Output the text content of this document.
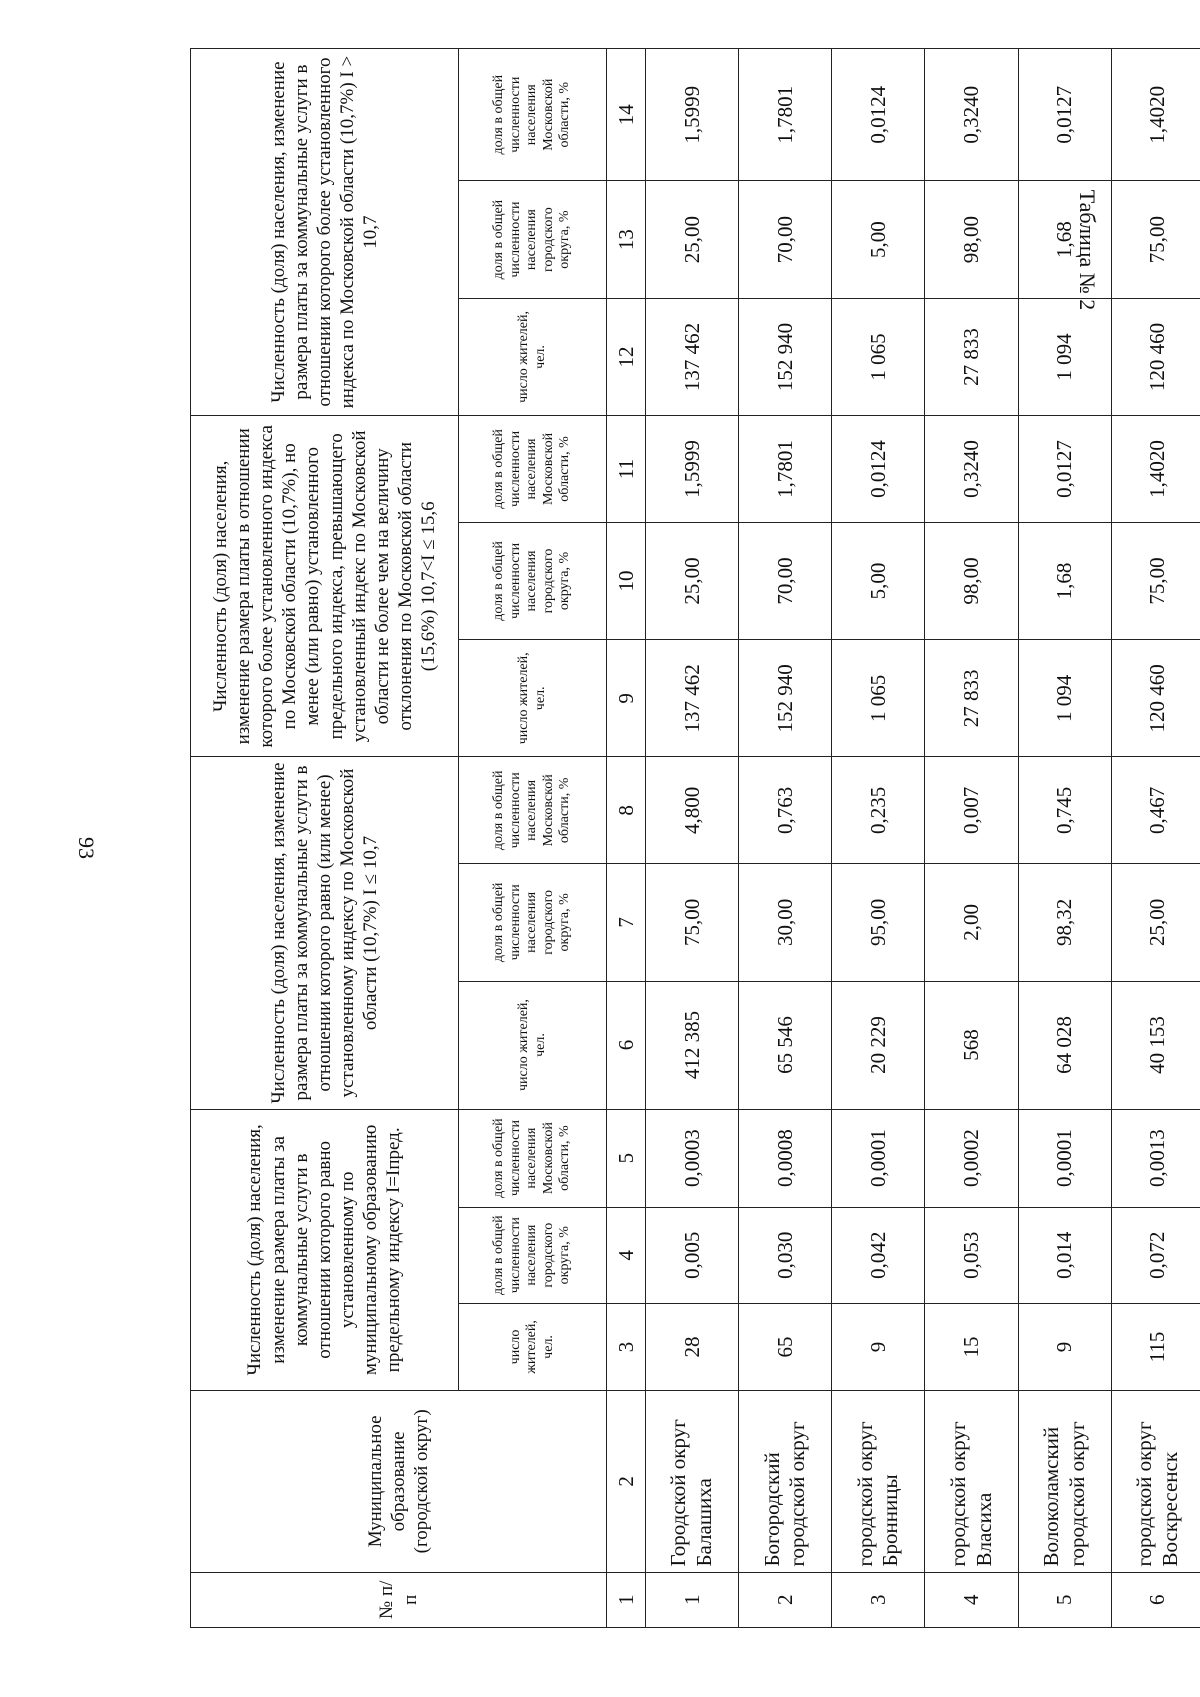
93
Таблица № 2
№ п/п	Муниципальное образование (городской округ)	Численность (доля) населения, изменение размера платы за коммунальные услуги в отношении которого равно установленному по муниципальному образованию предельному индексу I=Iпред.			Численность (доля) населения, изменение размера платы за коммунальные услуги в отношении которого равно (или менее) установленному индексу по Московской области (10,7%) I ≤ 10,7			Численность (доля) населения, изменение размера платы в отношении которого более установленного индекса по Московской области (10,7%), но менее (или равно) установленного предельного индекса, превышающего установленный индекс по Московской области не более чем на величину отклонения по Московской области (15,6%) 10,7<I ≤ 15,6			Численность (доля) населения, изменение размера платы за коммунальные услуги в отношении которого более установленного индекса по Московской области (10,7%) I > 10,7		
		число жителей, чел.	доля в общей численности населения городского округа, %	доля в общей численности населения Московской области, %	число жителей, чел.	доля в общей численности населения городского округа, %	доля в общей численности населения Московской области, %	число жителей, чел.	доля в общей численности населения городского округа, %	доля в общей численности населения Московской области, %	число жителей, чел.	доля в общей численности населения городского округа, %	доля в общей численности населения Московской области, %
1	2	3	4	5	6	7	8	9	10	11	12	13	14
1	Городской округ Балашиха	28	0,005	0,0003	412 385	75,00	4,800	137 462	25,00	1,5999	137 462	25,00	1,5999
2	Богородский городской округ	65	0,030	0,0008	65 546	30,00	0,763	152 940	70,00	1,7801	152 940	70,00	1,7801
3	городской округ Бронницы	9	0,042	0,0001	20 229	95,00	0,235	1 065	5,00	0,0124	1 065	5,00	0,0124
4	городской округ Власиха	15	0,053	0,0002	568	2,00	0,007	27 833	98,00	0,3240	27 833	98,00	0,3240
5	Волоколамский городской округ	9	0,014	0,0001	64 028	98,32	0,745	1 094	1,68	0,0127	1 094	1,68	0,0127
6	городской округ Воскресенск	115	0,072	0,0013	40 153	25,00	0,467	120 460	75,00	1,4020	120 460	75,00	1,4020
